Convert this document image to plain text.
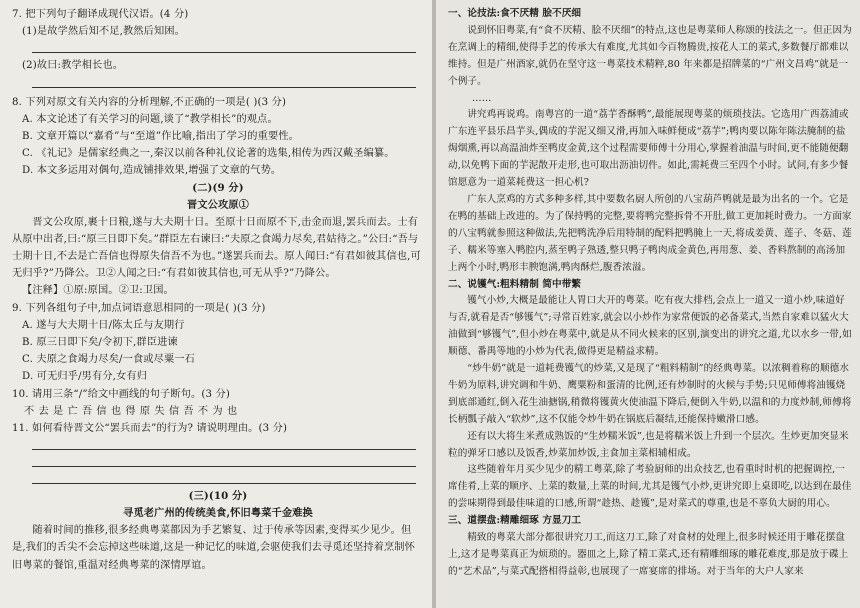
7. 把下列句子翻译成现代汉语。(4 分)

(1)是故学然后知不足,教然后知困。

(2)故曰:教学相长也。

8. 下列对原文有关内容的分析理解,不正确的一项是( )(3 分)

A. 本文论述了有关学习的问题,谈了“教学相长”的观点。

B. 文章开篇以“嘉肴”与“至道”作比喻,指出了学习的重要性。

C. 《礼记》是儒家经典之一,秦汉以前各种礼仪论著的选集,相传为西汉戴圣编纂。

D. 本文多运用对偶句,造成铺排效果,增强了文章的气势。

(二)(9 分)

晋文公攻原①

晋文公攻原,裹十日粮,遂与大夫期十日。至原十日而原不下,击金而退,罢兵而去。士有从原中出者,曰:“原三日即下矣。”群臣左右谏曰:“夫原之食竭力尽矣,君姑待之。”公曰:“吾与士期十日,不去是亡吾信也得原失信吾不为也。”遂罢兵而去。原人闻曰:“有君如彼其信也,可无归乎?”乃降公。卫②人闻之曰:“有君如彼其信也,可无从乎?”乃降公。

【注释】①原:原国。②卫:卫国。

9. 下列各组句子中,加点词语意思相同的一项是( )(3 分)

A. 遂与大夫期十日/陈太丘与友期行

B. 原三日即下矣/令初下,群臣进谏

C. 夫原之食竭力尽矣/一食或尽粟一石

D. 可无归乎/男有分,女有归

10. 请用三条“/”给文中画线的句子断句。(3 分)

不去是亡吾信也得原失信吾不为也

11. 如何看待晋文公“罢兵而去”的行为? 请说明理由。(3 分)

(三)(10 分)

寻觅老广州的传统美食,怀旧粤菜千金难换

随着时间的推移,很多经典粤菜都因为手艺繁复、过于传承等因素,变得买少见少。但是,我们的舌尖不会忘掉这些味道,这是一种记忆的味道,会驱使我们去寻觅还坚持着烹制怀旧粤菜的餐馆,重温对经典粤菜的深情厚谊。

一、论技法:食不厌精 脍不厌细

说到怀旧粤菜,有“食不厌精、脍不厌细”的特点,这也是粤菜师人称颂的技法之一。但正因为在烹调上的精细,使得手艺的传承大有难度,尤其如今百物腾贵,按花人工的菜式,多数餐厅都难以维持。但是广州酒家,就仍在坚守这一粤菜技术精粹,80 年来都是招牌菜的“广州文昌鸡”就是一个例子。

……

讲究鸡再说鸡。南粤宫的一道“荔芋香酥鸭”,最能展现粤菜的烦琐技法。它选用广西荔浦或广东连平县乐昌芋头,偶成的芋泥又细又滑,再加入味鲜便成“荔芋”;鸭肉要以陈年陈法腌制的盐焗烟熏,再以高温油炸至鸭皮金黄,这个过程需要师傅十分用心,掌握着油温与时间,更不能随便翻动,以免鸭下面的芋泥散开走形,也可取出沥油切件。如此,需耗费三至四个小时。试问,有多少餐馆愿意为一道菜耗费这一担心机?

广东人烹鸡的方式多种多样,其中要数名厨人所创的八宝葫芦鸭就是最为出名的一个。它是在鸭的基础上改进的。为了保持鸭的完整,要将鸭完整拆骨不开肚,做工更加耗时费力。一方面家的八宝鸭就参照这种做法,先把鸭洗净后用特制的配料把鸭腌上一天,将成姜黄、莲子、冬菇、莲子、糯米等塞入鸭腔内,蒸至鸭子熟透,整只鸭子鸭肉成金黄色,再用葱、姜、香料熬制的高汤加上两个小时,鸭形丰腴饱满,鸭肉酥烂,腹香浓溢。

二、说镬气:粗料精制 简中带繁

镬气小炒,大概是最能让人胃口大开的粤菜。吃有夜大排档,会点上一道又一道小炒,味道好与否,就看是否“够镬气”;寻常百姓家,就会以小炒作为家常便饭的必备菜式,当然自家难以猛火大油做到“够镬气”,但小炒在粤菜中,就是从不同火候来的区别,演变出的讲究之道,尤以水乡一带,如顺德、番禺等地的小炒为代表,做得更是精益求精。

“炒牛奶”就是一道耗费镬气的炒菜,又是现了“粗料精制”的经典粤菜。以浓稠着称的顺德水牛奶为原料,讲究调和牛奶、鹰粟粉和蛋清的比例,还有炒制时的火候与手势;只见师傅将油镬烧到底部通红,倒入花生油搪锅,稍微将镬黄火使油温下降后,便倒入牛奶,以温和的力度炒制,师傅将长柄瓢子敲入“软炒”,这不仅能令炒牛奶在锅底后凝结,还能保持嫩滑口感。

还有以大将生米煮成熟饭的“生炒糯米饭”,也是将糯米饭上升到一个层次。生炒更加突显米粒的弹牙口感以及饭香,炒菜加炒饭,主食加主菜相辅相成。

这些随着年月买少见少的精工粤菜,除了考验厨师的出众技艺,也看重时时机的把握调控,一席佳肴,上菜的顺序、上菜的数量,上菜的时间,尤其是镬气小炒,更讲究即上桌即吃,以达到在最佳的尝味期得到最佳味道的口感,所谓“趁热、趁镬”,是对菜式的尊重,也是不辜负大厨的用心。

三、道摆盘:精雕细琢 方显刀工

精致的粤菜大部分都很讲究刀工,而这刀工,除了对食材的处理上,很多时候还用于雕花摆盘上,这才是粤菜真正为烦琐的。器皿之上,除了精工菜式,还有精雕细琢的雕花难度,那是放于碟上的“艺术品”,与菜式配搭相得益彰,也展现了一席宴席的排场。对于当年的大户人家来
